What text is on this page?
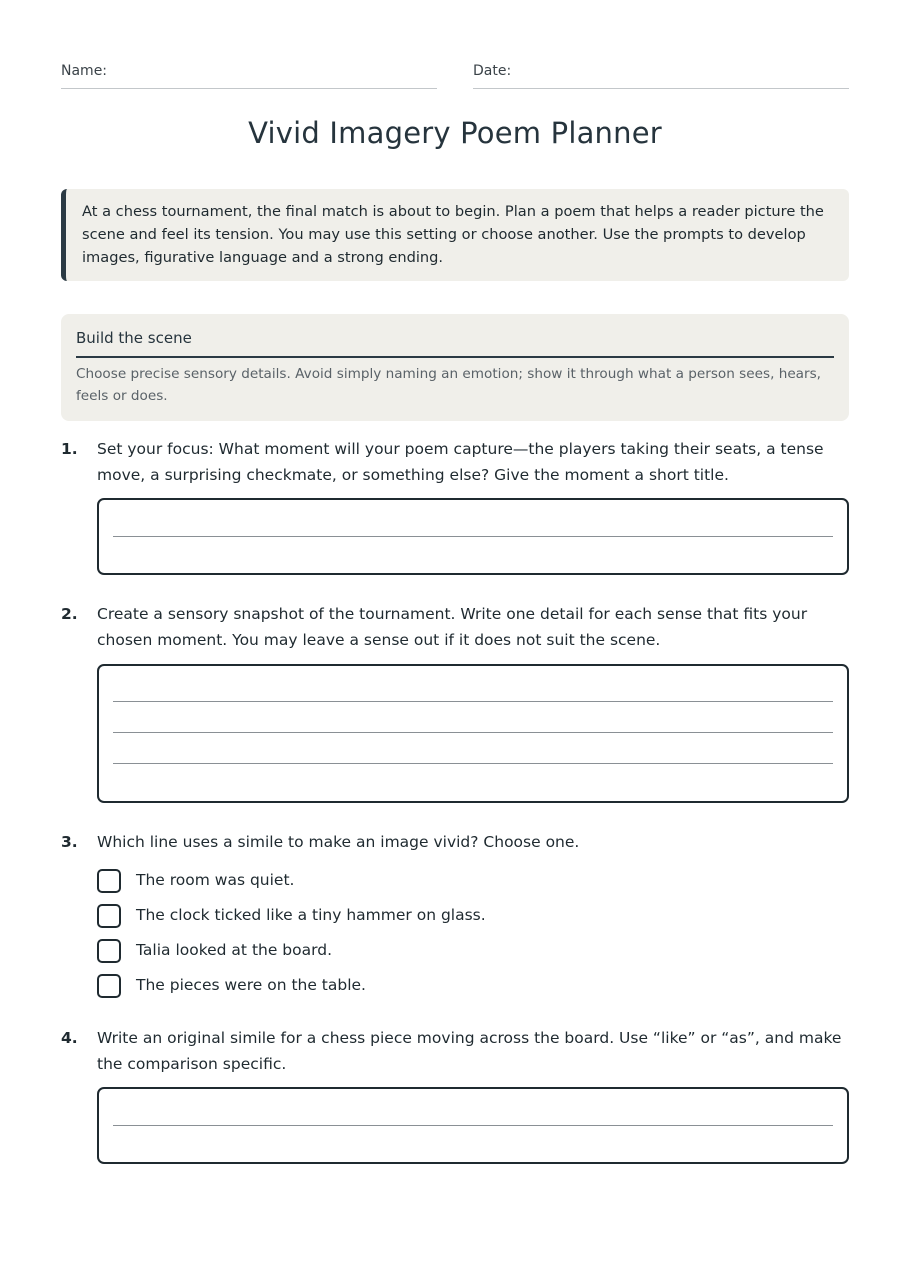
Name:	Date:
Vivid Imagery Poem Planner
At a chess tournament, the final match is about to begin. Plan a poem that helps a reader picture the scene and feel its tension. You may use this setting or choose another. Use the prompts to develop images, figurative language and a strong ending.
Build the scene
Choose precise sensory details. Avoid simply naming an emotion; show it through what a person sees, hears, feels or does.
1. Set your focus: What moment will your poem capture—the players taking their seats, a tense move, a surprising checkmate, or something else? Give the moment a short title.
2. Create a sensory snapshot of the tournament. Write one detail for each sense that fits your chosen moment. You may leave a sense out if it does not suit the scene.
3. Which line uses a simile to make an image vivid? Choose one.
The room was quiet.
The clock ticked like a tiny hammer on glass.
Talia looked at the board.
The pieces were on the table.
4. Write an original simile for a chess piece moving across the board. Use “like” or “as”, and make the comparison specific.
